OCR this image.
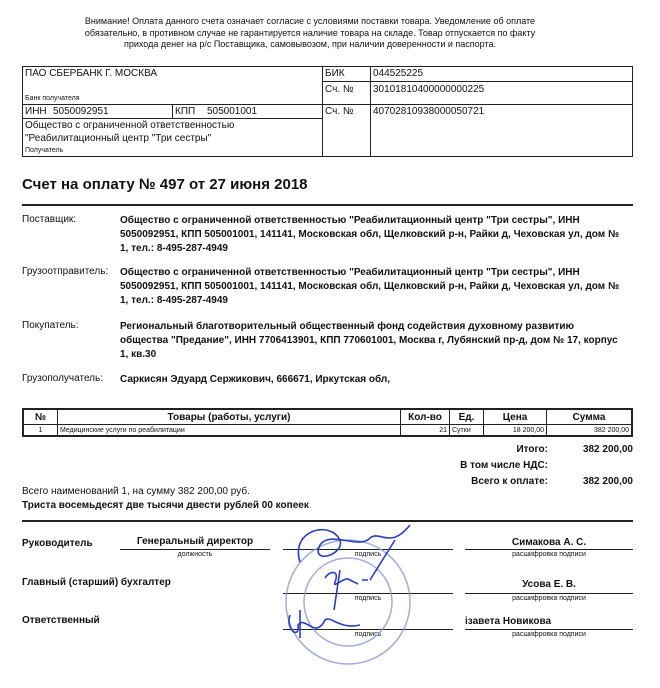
Внимание! Оплата данного счета означает согласие с условиями поставки товара. Уведомление об оплате
обязательно, в противном случае не гарантируется наличие товара на складе. Товар отпускается по факту
прихода денег на р/с Поставщика, самовывозом, при наличии доверенности и паспорта.
ПАО СБЕРБАНК Г. МОСКВА
Банк получателя
БИК	044525225
Сч. № 30101810400000000225
ИНН 5050092951	КПП 505001001	Сч. № 40702810938000050721
Общество с ограниченной ответственностью
"Реабилитационный центр "Три сестры"
Получатель
Счет на оплату № 497 от 27 июня 2018
Поставщик:	Общество с ограниченной ответственностью "Реабилитационный центр "Три сестры", ИНН 5050092951, КПП 505001001, 141141, Московская обл, Щелковский р-н, Райки д, Чеховская ул, дом № 1, тел.: 8-495-287-4949
Грузоотправитель: Общество с ограниченной ответственностью "Реабилитационный центр "Три сестры", ИНН 5050092951, КПП 505001001, 141141, Московская обл, Щелковский р-н, Райки д, Чеховская ул, дом № 1, тел.: 8-495-287-4949
Покупатель:	Региональный благотворительный общественный фонд содействия духовному развитию общества "Предание", ИНН 7706413901, КПП 770601001, Москва г, Лубянский пр-д, дом № 17, корпус 1, кв.30
Грузополучатель: Саркисян Эдуард Сержикович, 666671, Иркутская обл,
№	Товары (работы, услуги)	Кол-во	Ед.	Цена	Сумма
1	Медицинские услуги по реабилитации	21	Сутки	18 200,00	382 200,00
Итого:	382 200,00
В том числе НДС:
Всего к оплате:	382 200,00
Всего наименований 1, на сумму 382 200,00 руб.
Триста восемьдесят две тысячи двести рублей 00 копеек
Руководитель	Генеральный директор
должность	подпись
Симакова А. С.
расшифровка подписи
Главный (старший) бухгалтер
подпись
Усова Е. В.
расшифровка подписи
Ответственный
подпись
ізавета Новикова
расшифровка подписи
